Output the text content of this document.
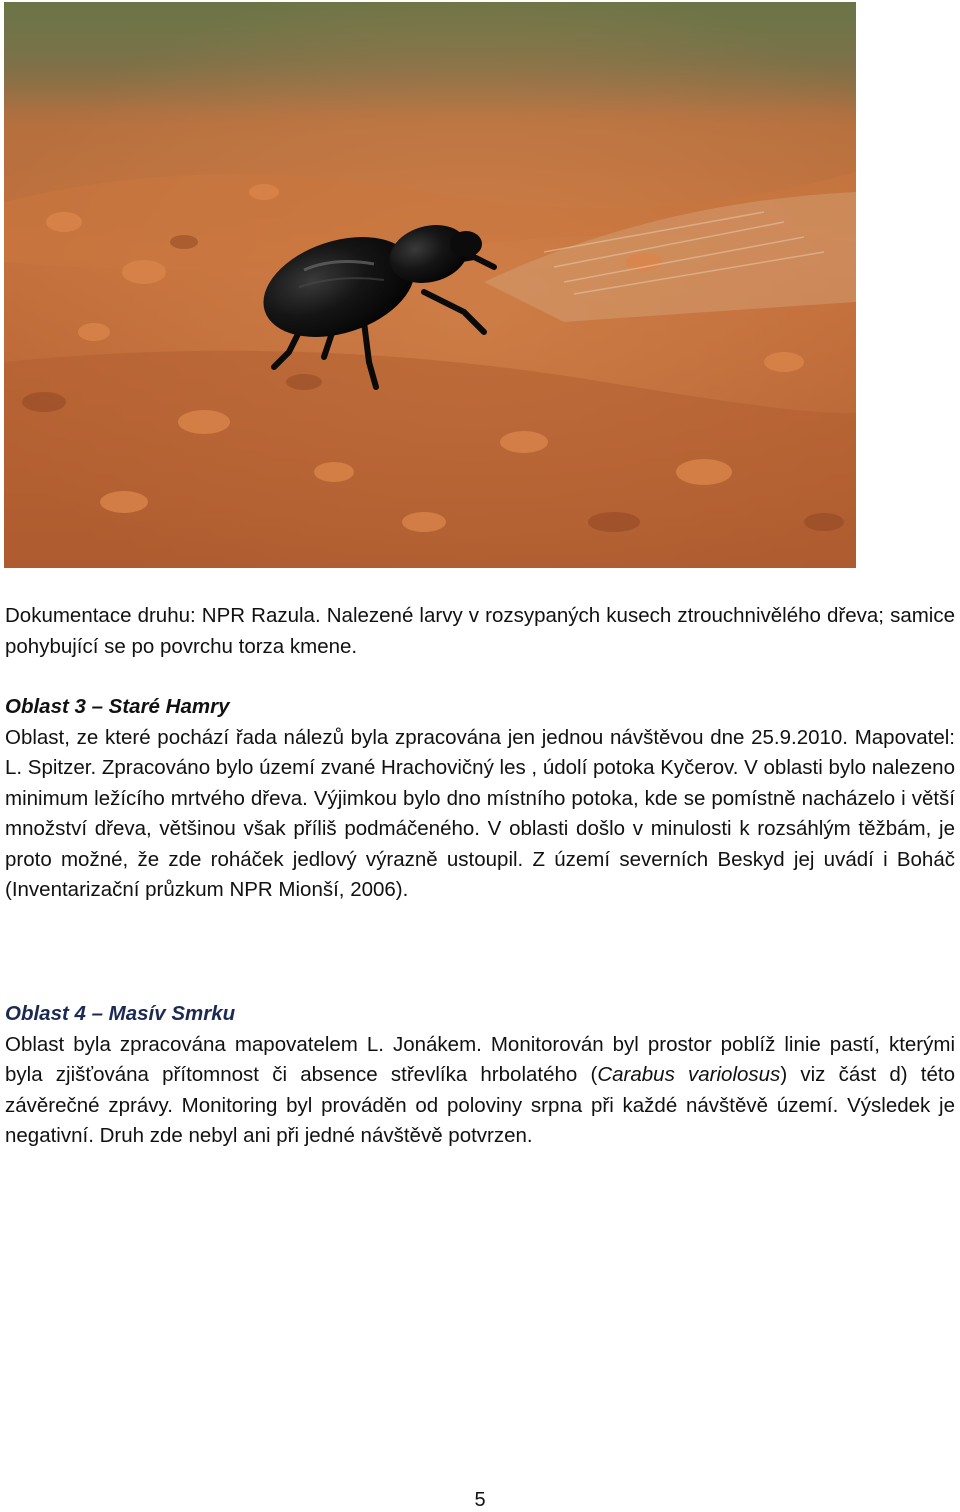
Dokumentace druhu: NPR Razula. Nalezené larvy v rozsypaných kusech ztrouchnivělého dřeva; samice pohybující se po povrchu torza kmene.
Oblast 3 – Staré Hamry
Oblast, ze které pochází řada nálezů byla zpracována jen jednou návštěvou dne 25.9.2010. Mapovatel: L. Spitzer. Zpracováno bylo území zvané Hrachovičný les , údolí potoka Kyčerov. V oblasti bylo nalezeno minimum ležícího mrtvého dřeva. Výjimkou bylo dno místního potoka, kde se pomístně nacházelo i větší množství dřeva, většinou však příliš podmáčeného. V oblasti došlo v minulosti k rozsáhlým těžbám, je proto možné, že zde roháček jedlový výrazně ustoupil. Z území severních Beskyd jej uvádí i Boháč (Inventarizační průzkum NPR Mionší, 2006).
Oblast 4 – Masív Smrku
Oblast byla zpracována mapovatelem L. Jonákem. Monitorován byl prostor poblíž linie pastí, kterými byla zjišťována přítomnost či absence střevlíka hrbolatého (Carabus variolosus) viz část d) této závěrečné zprávy. Monitoring byl prováděn od poloviny srpna při každé návštěvě území. Výsledek je negativní. Druh zde nebyl ani při jedné návštěvě potvrzen.
5
